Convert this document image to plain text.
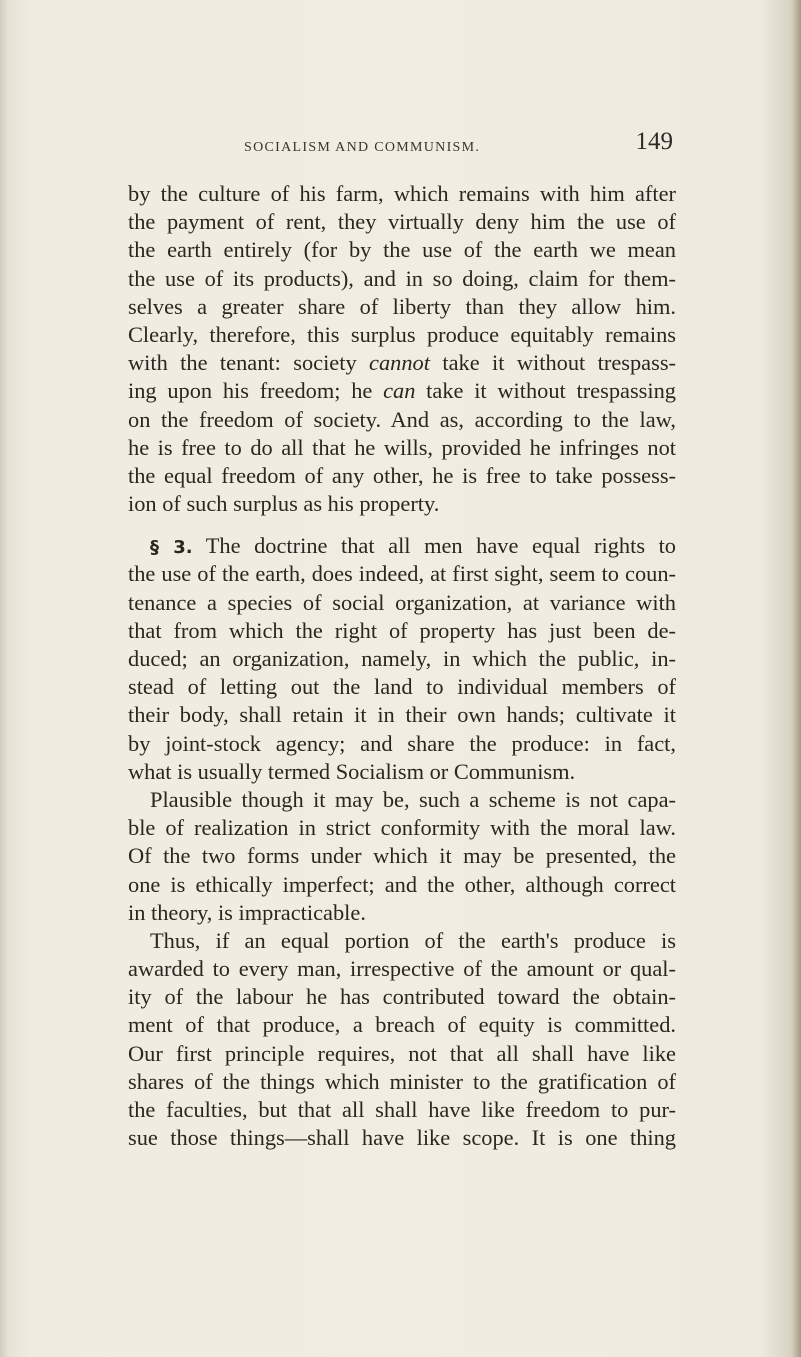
SOCIALISM AND COMMUNISM.	149
by the culture of his farm, which remains with him after
the payment of rent, they virtually deny him the use of
the earth entirely (for by the use of the earth we mean
the use of its products), and in so doing, claim for them-
selves a greater share of liberty than they allow him.
Clearly, therefore, this surplus produce equitably remains
with the tenant: society cannot take it without trespass-
ing upon his freedom; he can take it without trespassing
on the freedom of society. And as, according to the law,
he is free to do all that he wills, provided he infringes not
the equal freedom of any other, he is free to take possess-
ion of such surplus as his property.
§ 3. The doctrine that all men have equal rights to
the use of the earth, does indeed, at first sight, seem to coun-
tenance a species of social organization, at variance with
that from which the right of property has just been de-
duced; an organization, namely, in which the public, in-
stead of letting out the land to individual members of
their body, shall retain it in their own hands; cultivate it
by joint-stock agency; and share the produce: in fact,
what is usually termed Socialism or Communism.
Plausible though it may be, such a scheme is not capa-
ble of realization in strict conformity with the moral law.
Of the two forms under which it may be presented, the
one is ethically imperfect; and the other, although correct
in theory, is impracticable.
Thus, if an equal portion of the earth's produce is
awarded to every man, irrespective of the amount or qual-
ity of the labour he has contributed toward the obtain-
ment of that produce, a breach of equity is committed.
Our first principle requires, not that all shall have like
shares of the things which minister to the gratification of
the faculties, but that all shall have like freedom to pur-
sue those things—shall have like scope. It is one thing
